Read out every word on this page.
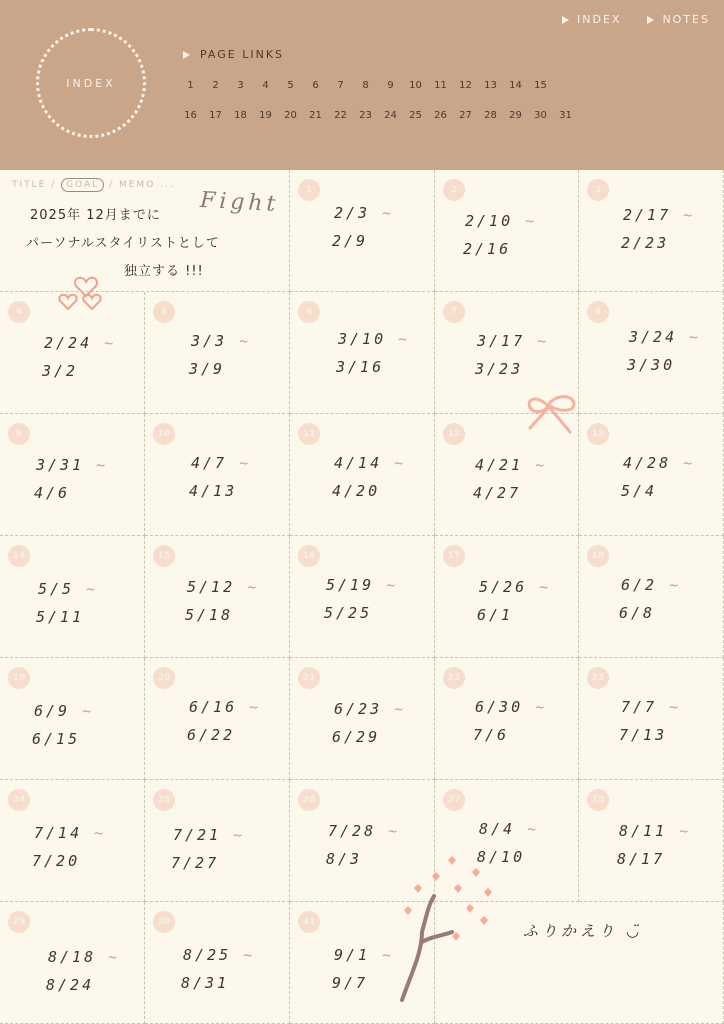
INDEX
INDEX	NOTES
PAGE LINKS
1	2	3	4	5	6	7	8	9	10	11	12	13	14	15
16	17	18	19	20	21	22	23	24	25	26	27	28	29	30	31
31
9/1 ~
9/7
30
8/25 ~
8/31
29
8/18 ~
8/24
28
8/11 ~
8/17
27
8/4 ~
8/10
26
7/28 ~
8/3
25
7/21 ~
7/27
24
7/14 ~
7/20
23
7/7 ~
7/13
22
6/30 ~
7/6
21
6/23 ~
6/29
20
6/16 ~
6/22
19
6/9 ~
6/15
18
6/2 ~
6/8
17
5/26 ~
6/1
16
5/19 ~
5/25
15
5/12 ~
5/18
14
5/5 ~
5/11
13
4/28 ~
5/4
12
4/21 ~
4/27
11
4/14 ~
4/20
10
4/7 ~
4/13
9
3/31 ~
4/6
8
3/24 ~
3/30
7
3/17 ~
3/23
6
3/10 ~
3/16
5
3/3 ~
3/9
4
2/24 ~
3/2
3
2/17 ~
2/23
2
2/10 ~
2/16
1
2/3 ~
2/9
TITLE / GOAL / MEMO ...
2025年 12月までに
パーソナルスタイリストとして
独立する !!!
Fight
ふりかえり ◡̈
